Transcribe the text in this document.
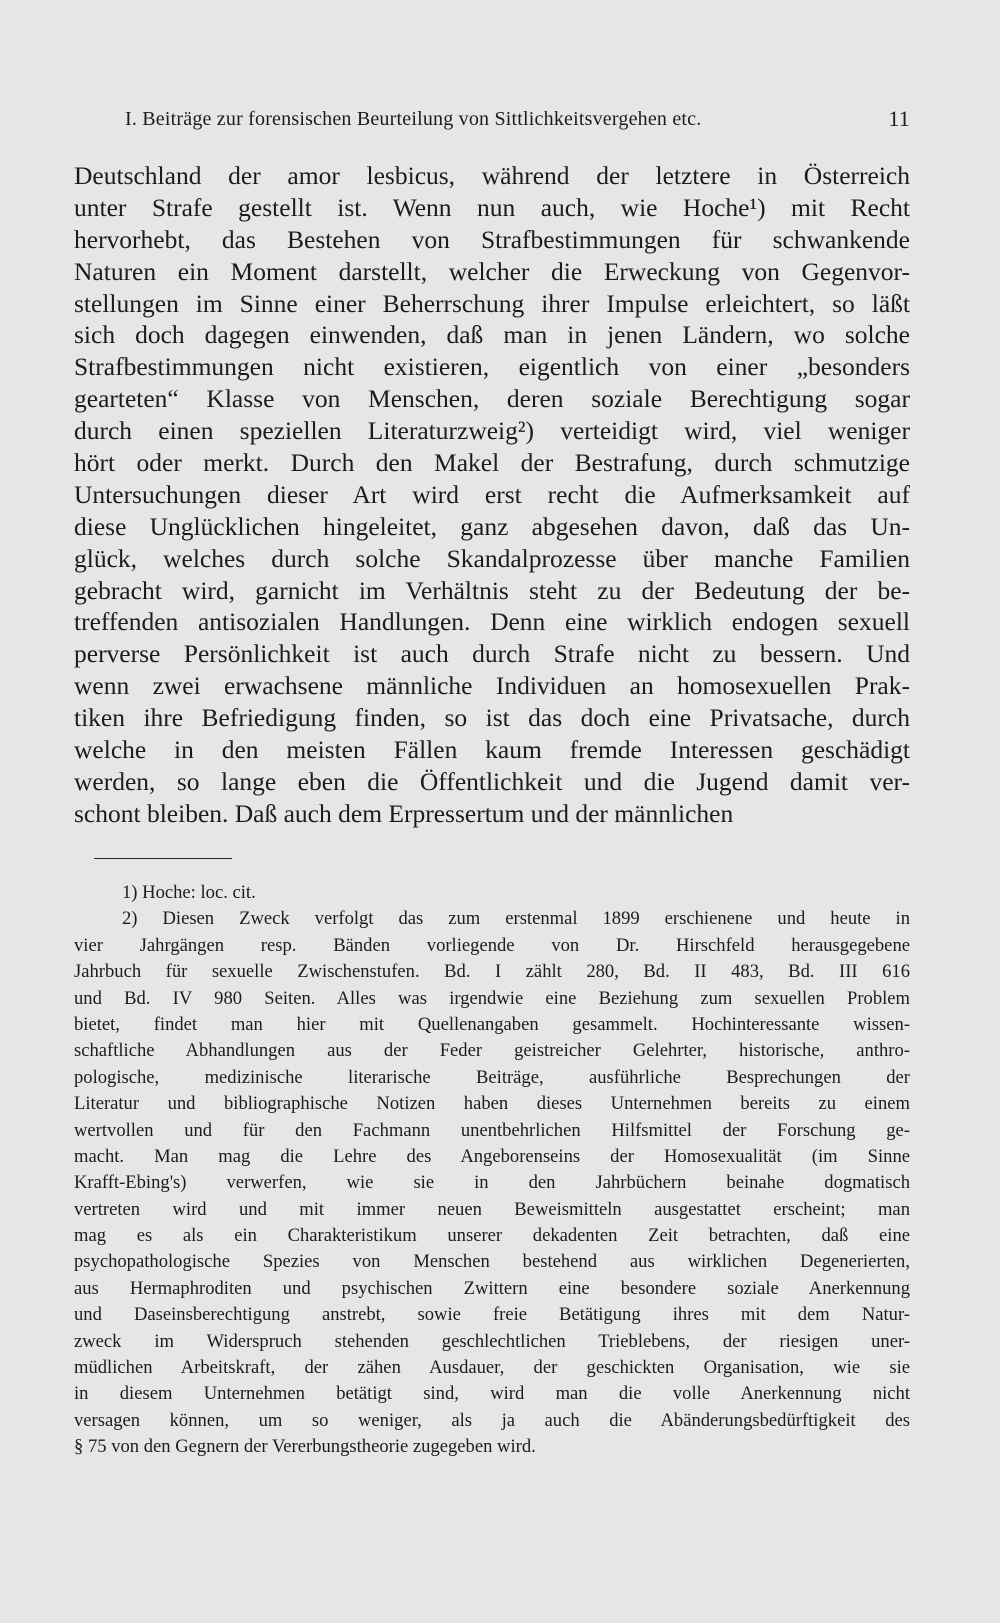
I. Beiträge zur forensischen Beurteilung von Sittlichkeitsvergehen etc.	11
Deutschland der amor lesbicus, während der letztere in Österreich
unter Strafe gestellt ist. Wenn nun auch, wie Hoche¹) mit Recht
hervorhebt, das Bestehen von Strafbestimmungen für schwankende
Naturen ein Moment darstellt, welcher die Erweckung von Gegenvor-
stellungen im Sinne einer Beherrschung ihrer Impulse erleichtert, so läßt
sich doch dagegen einwenden, daß man in jenen Ländern, wo solche
Strafbestimmungen nicht existieren, eigentlich von einer „besonders
gearteten“ Klasse von Menschen, deren soziale Berechtigung sogar
durch einen speziellen Literaturzweig²) verteidigt wird, viel weniger
hört oder merkt. Durch den Makel der Bestrafung, durch schmutzige
Untersuchungen dieser Art wird erst recht die Aufmerksamkeit auf
diese Unglücklichen hingeleitet, ganz abgesehen davon, daß das Un-
glück, welches durch solche Skandalprozesse über manche Familien
gebracht wird, garnicht im Verhältnis steht zu der Bedeutung der be-
treffenden antisozialen Handlungen. Denn eine wirklich endogen sexuell
perverse Persönlichkeit ist auch durch Strafe nicht zu bessern. Und
wenn zwei erwachsene männliche Individuen an homosexuellen Prak-
tiken ihre Befriedigung finden, so ist das doch eine Privatsache, durch
welche in den meisten Fällen kaum fremde Interessen geschädigt
werden, so lange eben die Öffentlichkeit und die Jugend damit ver-
schont bleiben. Daß auch dem Erpressertum und der männlichen
1) Hoche: loc. cit.
2) Diesen Zweck verfolgt das zum erstenmal 1899 erschienene und heute in
vier Jahrgängen resp. Bänden vorliegende von Dr. Hirschfeld herausgegebene
Jahrbuch für sexuelle Zwischenstufen. Bd. I zählt 280, Bd. II 483, Bd. III 616
und Bd. IV 980 Seiten. Alles was irgendwie eine Beziehung zum sexuellen Problem
bietet, findet man hier mit Quellenangaben gesammelt. Hochinteressante wissen-
schaftliche Abhandlungen aus der Feder geistreicher Gelehrter, historische, anthro-
pologische, medizinische literarische Beiträge, ausführliche Besprechungen der
Literatur und bibliographische Notizen haben dieses Unternehmen bereits zu einem
wertvollen und für den Fachmann unentbehrlichen Hilfsmittel der Forschung ge-
macht. Man mag die Lehre des Angeborenseins der Homosexualität (im Sinne
Krafft-Ebing's) verwerfen, wie sie in den Jahrbüchern beinahe dogmatisch
vertreten wird und mit immer neuen Beweismitteln ausgestattet erscheint; man
mag es als ein Charakteristikum unserer dekadenten Zeit betrachten, daß eine
psychopathologische Spezies von Menschen bestehend aus wirklichen Degenerierten,
aus Hermaphroditen und psychischen Zwittern eine besondere soziale Anerkennung
und Daseinsberechtigung anstrebt, sowie freie Betätigung ihres mit dem Natur-
zweck im Widerspruch stehenden geschlechtlichen Trieblebens, der riesigen uner-
müdlichen Arbeitskraft, der zähen Ausdauer, der geschickten Organisation, wie sie
in diesem Unternehmen betätigt sind, wird man die volle Anerkennung nicht
versagen können, um so weniger, als ja auch die Abänderungsbedürftigkeit des
§ 75 von den Gegnern der Vererbungstheorie zugegeben wird.
